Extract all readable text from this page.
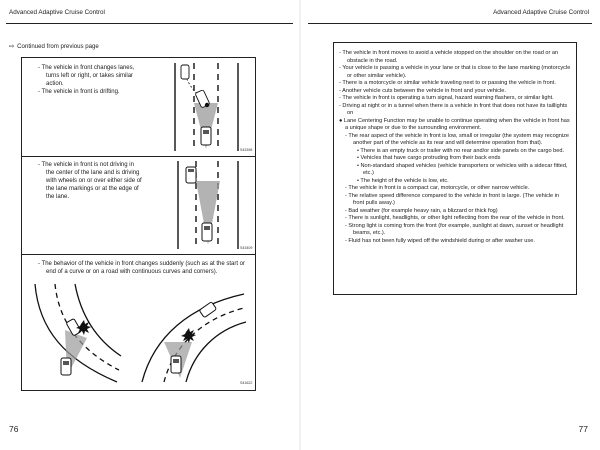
Advanced Adaptive Cruise Control	Advanced Adaptive Cruise Control
⇨ Continued from previous page
- The vehicle in front changes lanes, turns left or right, or takes similar action.
- The vehicle in front is drifting.
S43398
- The vehicle in front is not driving in the center of the lane and is driving with wheels on or over either side of the lane markings or at the edge of the lane.
S43409
- The behavior of the vehicle in front changes suddenly (such as at the start or end of a curve or on a road with continuous curves and corners).
S41622
- The vehicle in front moves to avoid a vehicle stopped on the shoulder on the road or an obstacle in the road.
- Your vehicle is passing a vehicle in your lane or that is close to the lane marking (motorcycle or other similar vehicle).
- There is a motorcycle or similar vehicle traveling next to or passing the vehicle in front.
- Another vehicle cuts between the vehicle in front and your vehicle.
- The vehicle in front is operating a turn signal, hazard warning flashers, or similar light.
- Driving at night or in a tunnel when there is a vehicle in front that does not have its taillights on
● Lane Centering Function may be unable to continue operating when the vehicle in front has a unique shape or due to the surrounding environment.
- The rear aspect of the vehicle in front is low, small or irregular (the system may recognize another part of the vehicle as its rear and will determine operation from that).
• There is an empty truck or trailer with no rear and/or side panels on the cargo bed.
• Vehicles that have cargo protruding from their back ends
• Non-standard shaped vehicles (vehicle transporters or vehicles with a sidecar fitted, etc.)
• The height of the vehicle is low, etc.
- The vehicle in front is a compact car, motorcycle, or other narrow vehicle.
- The relative speed difference compared to the vehicle in front is large. (The vehicle in front pulls away.)
- Bad weather (for example heavy rain, a blizzard or thick fog)
- There is sunlight, headlights, or other light reflecting from the rear of the vehicle in front.
- Strong light is coming from the front (for example, sunlight at dawn, sunset or headlight beams, etc.).
- Fluid has not been fully wiped off the windshield during or after washer use.
76	77
